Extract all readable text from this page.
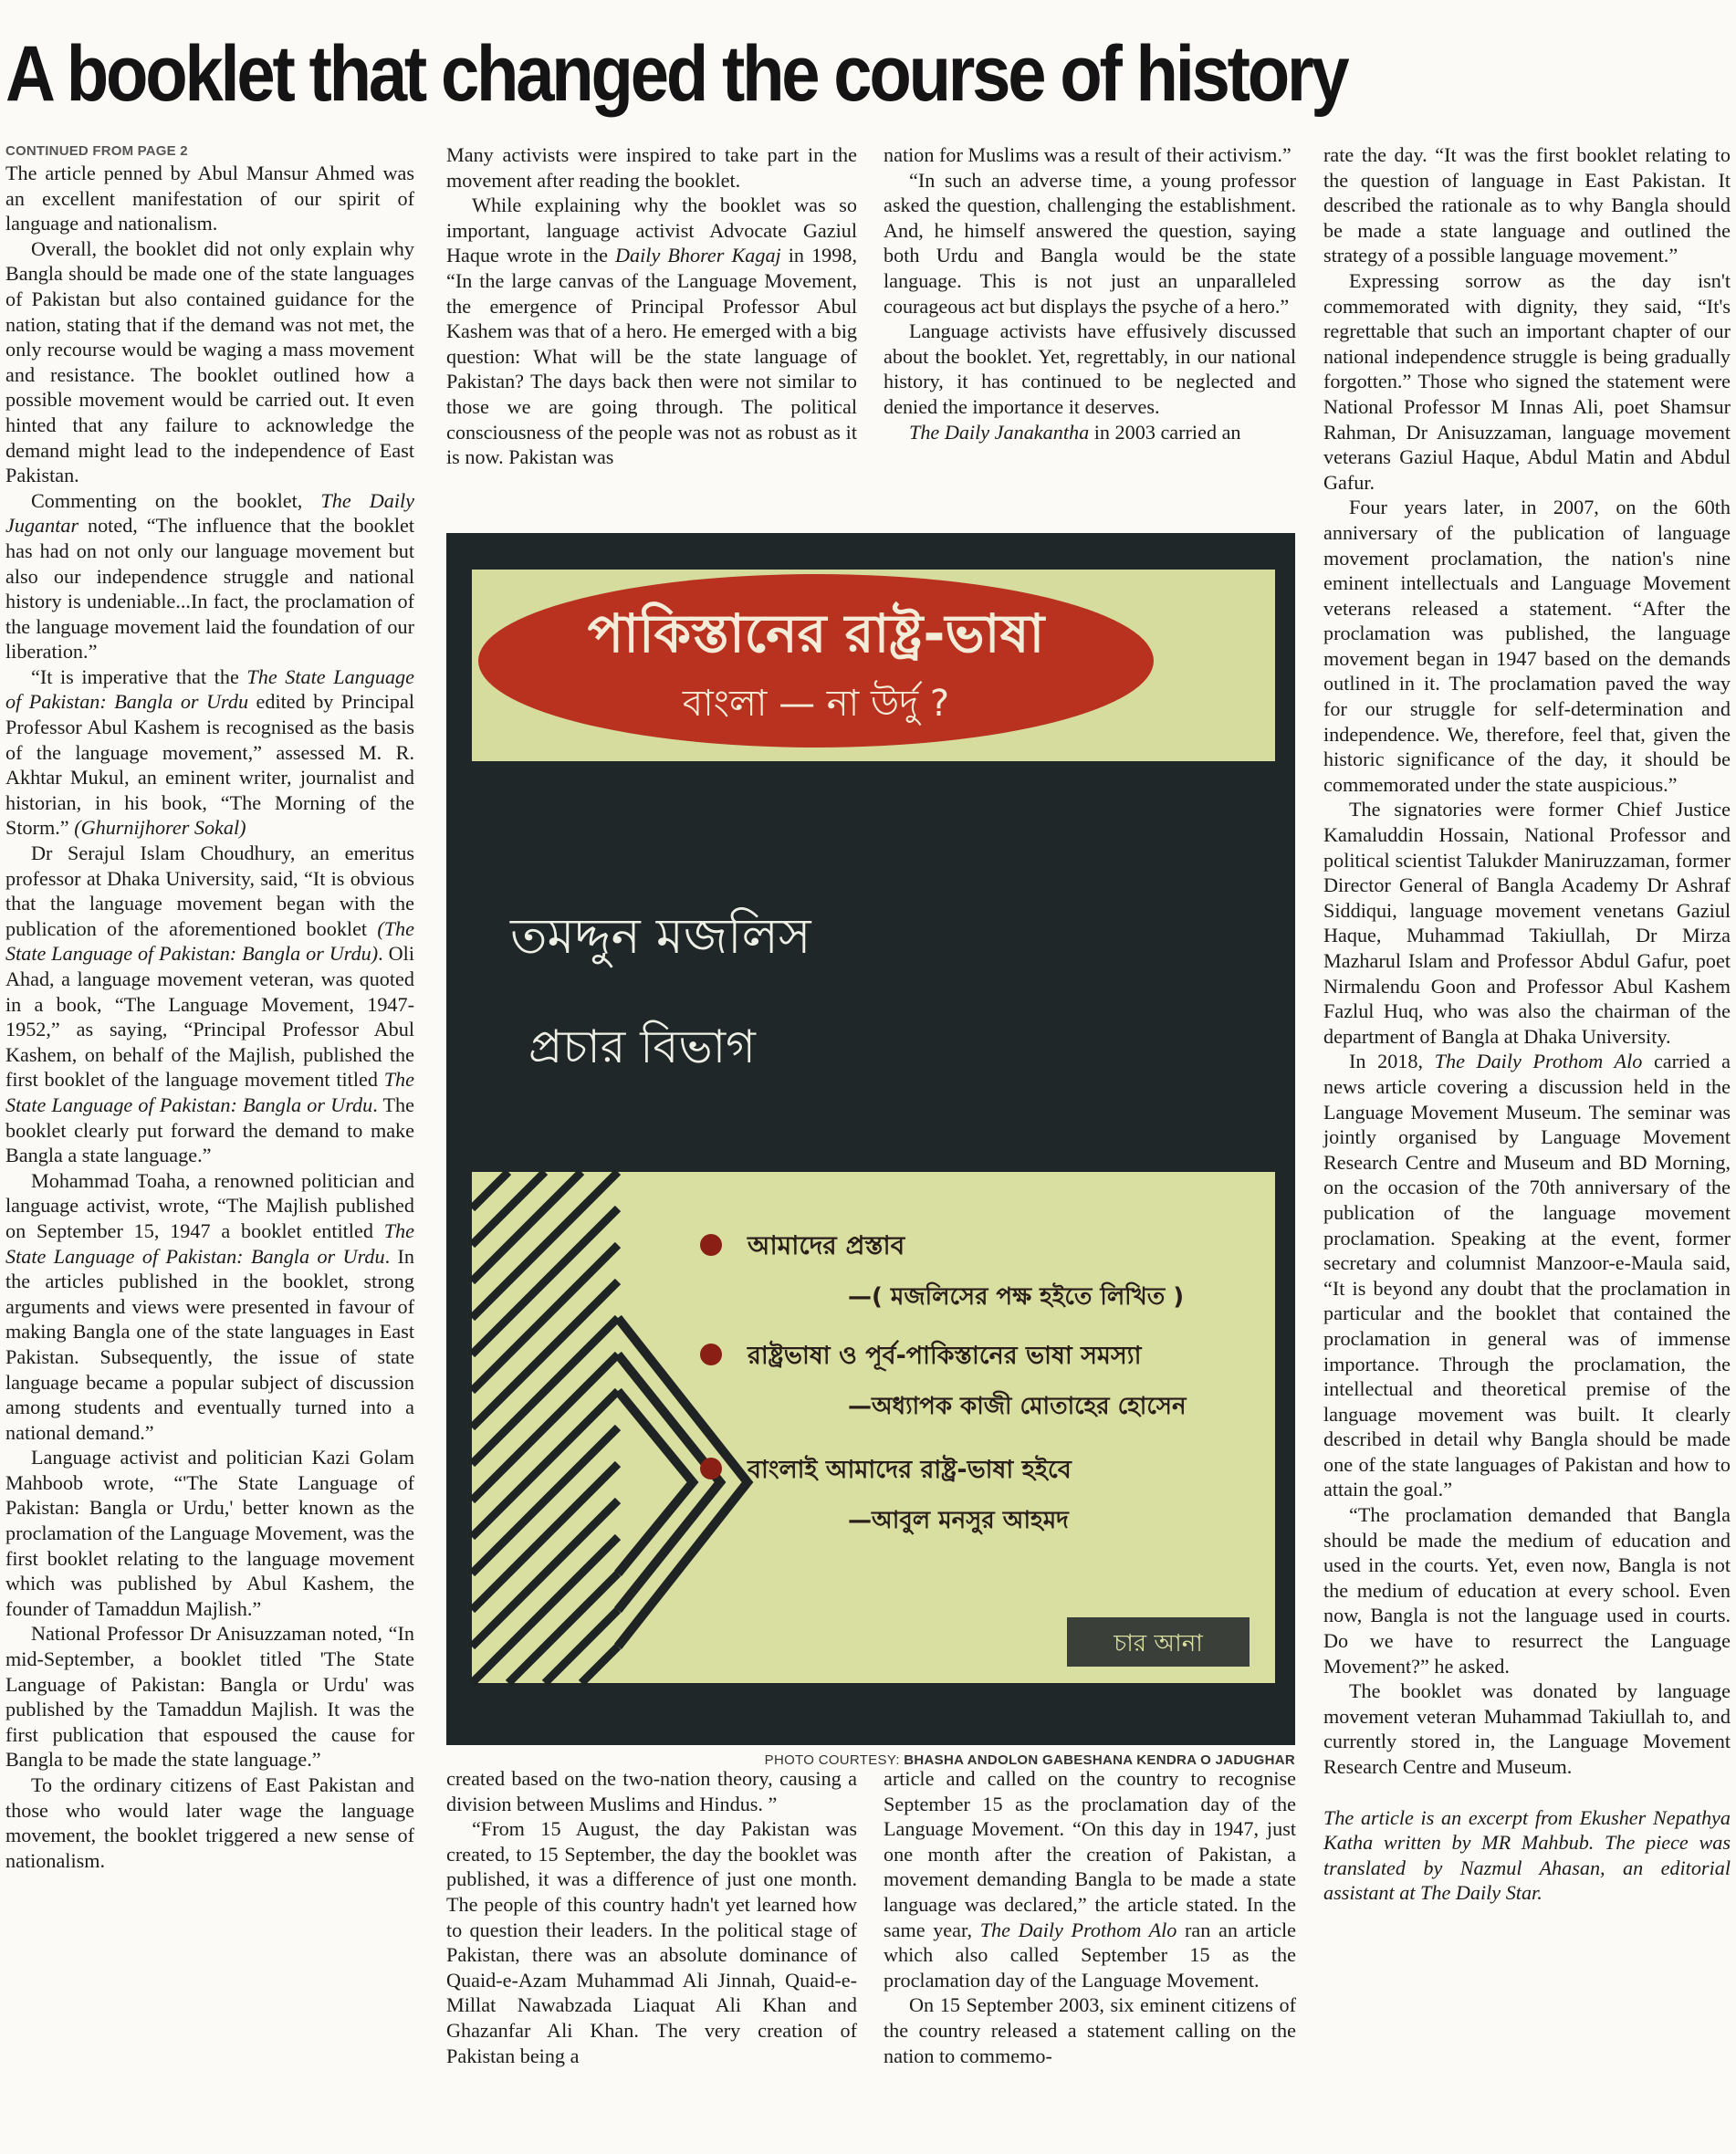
A booklet that changed the course of history
CONTINUED FROM PAGE 2

The article penned by Abul Mansur Ahmed was an excellent manifestation of our spirit of language and nationalism.

Overall, the booklet did not only explain why Bangla should be made one of the state languages of Pakistan but also contained guidance for the nation, stating that if the demand was not met, the only recourse would be waging a mass movement and resistance. The booklet outlined how a possible movement would be carried out. It even hinted that any failure to acknowledge the demand might lead to the independence of East Pakistan.

Commenting on the booklet, The Daily Jugantar noted, “The influence that the booklet has had on not only our language movement but also our independence struggle and national history is undeniable...In fact, the proclamation of the language movement laid the foundation of our liberation.”

“It is imperative that the The State Language of Pakistan: Bangla or Urdu edited by Principal Professor Abul Kashem is recognised as the basis of the language movement,” assessed M. R. Akhtar Mukul, an eminent writer, journalist and historian, in his book, “The Morning of the Storm.” (Ghurnijhorer Sokal)

Dr Serajul Islam Choudhury, an emeritus professor at Dhaka University, said, “It is obvious that the language movement began with the publication of the aforementioned booklet (The State Language of Pakistan: Bangla or Urdu). Oli Ahad, a language movement veteran, was quoted in a book, “The Language Movement, 1947-1952,” as saying, “Principal Professor Abul Kashem, on behalf of the Majlish, published the first booklet of the language movement titled The State Language of Pakistan: Bangla or Urdu. The booklet clearly put forward the demand to make Bangla a state language.”

Mohammad Toaha, a renowned politician and language activist, wrote, “The Majlish published on September 15, 1947 a booklet entitled The State Language of Pakistan: Bangla or Urdu. In the articles published in the booklet, strong arguments and views were presented in favour of making Bangla one of the state languages in East Pakistan. Subsequently, the issue of state language became a popular subject of discussion among students and eventually turned into a national demand.”

Language activist and politician Kazi Golam Mahboob wrote, “'The State Language of Pakistan: Bangla or Urdu,' better known as the proclamation of the Language Movement, was the first booklet relating to the language movement which was published by Abul Kashem, the founder of Tamaddun Majlish.”

National Professor Dr Anisuzzaman noted, “In mid-September, a booklet titled 'The State Language of Pakistan: Bangla or Urdu' was published by the Tamaddun Majlish. It was the first publication that espoused the cause for Bangla to be made the state language.”

To the ordinary citizens of East Pakistan and those who would later wage the language movement, the booklet triggered a new sense of nationalism.

Many activists were inspired to take part in the movement after reading the booklet.

While explaining why the booklet was so important, language activist Advocate Gaziul Haque wrote in the Daily Bhorer Kagaj in 1998, “In the large canvas of the Language Movement, the emergence of Principal Professor Abul Kashem was that of a hero. He emerged with a big question: What will be the state language of Pakistan? The days back then were not similar to those we are going through. The political consciousness of the people was not as robust as it is now. Pakistan was

nation for Muslims was a result of their activism.”

“In such an adverse time, a young professor asked the question, challenging the establishment. And, he himself answered the question, saying both Urdu and Bangla would be the state language. This is not just an unparalleled courageous act but displays the psyche of a hero.”

Language activists have effusively discussed about the booklet. Yet, regrettably, in our national history, it has continued to be neglected and denied the importance it deserves.

The Daily Janakantha in 2003 carried an

পাকিস্তানের রাষ্ট্র-ভাষা
বাংলা — না উর্দু ?
তমদ্দুন মজলিস
প্রচার বিভাগ
আমাদের প্রস্তাব
—( মজলিসের পক্ষ হইতে লিখিত )
রাষ্ট্রভাষা ও পূর্ব-পাকিস্তানের ভাষা সমস্যা
—অধ্যাপক কাজী মোতাহের হোসেন
বাংলাই আমাদের রাষ্ট্র-ভাষা হইবে
—আবুল মনসুর আহমদ
চার আনা
PHOTO COURTESY: BHASHA ANDOLON GABESHANA KENDRA O JADUGHAR

created based on the two-nation theory, causing a division between Muslims and Hindus. ”

“From 15 August, the day Pakistan was created, to 15 September, the day the booklet was published, it was a difference of just one month. The people of this country hadn't yet learned how to question their leaders. In the political stage of Pakistan, there was an absolute dominance of Quaid-e-Azam Muhammad Ali Jinnah, Quaid-e-Millat Nawabzada Liaquat Ali Khan and Ghazanfar Ali Khan. The very creation of Pakistan being a

article and called on the country to recognise September 15 as the proclamation day of the Language Movement. “On this day in 1947, just one month after the creation of Pakistan, a movement demanding Bangla to be made a state language was declared,” the article stated. In the same year, The Daily Prothom Alo ran an article which also called September 15 as the proclamation day of the Language Movement.

On 15 September 2003, six eminent citizens of the country released a statement calling on the nation to commemo-

rate the day. “It was the first booklet relating to the question of language in East Pakistan. It described the rationale as to why Bangla should be made a state language and outlined the strategy of a possible language movement.”

Expressing sorrow as the day isn't commemorated with dignity, they said, “It's regrettable that such an important chapter of our national independence struggle is being gradually forgotten.” Those who signed the statement were National Professor M Innas Ali, poet Shamsur Rahman, Dr Anisuzzaman, language movement veterans Gaziul Haque, Abdul Matin and Abdul Gafur.

Four years later, in 2007, on the 60th anniversary of the publication of language movement proclamation, the nation's nine eminent intellectuals and Language Movement veterans released a statement. “After the proclamation was published, the language movement began in 1947 based on the demands outlined in it. The proclamation paved the way for our struggle for self-determination and independence. We, therefore, feel that, given the historic significance of the day, it should be commemorated under the state auspicious.”

The signatories were former Chief Justice Kamaluddin Hossain, National Professor and political scientist Talukder Maniruzzaman, former Director General of Bangla Academy Dr Ashraf Siddiqui, language movement venetans Gaziul Haque, Muhammad Takiullah, Dr Mirza Mazharul Islam and Professor Abdul Gafur, poet Nirmalendu Goon and Professor Abul Kashem Fazlul Huq, who was also the chairman of the department of Bangla at Dhaka University.

In 2018, The Daily Prothom Alo carried a news article covering a discussion held in the Language Movement Museum. The seminar was jointly organised by Language Movement Research Centre and Museum and BD Morning, on the occasion of the 70th anniversary of the publication of the language movement proclamation. Speaking at the event, former secretary and columnist Manzoor-e-Maula said, “It is beyond any doubt that the proclamation in particular and the booklet that contained the proclamation in general was of immense importance. Through the proclamation, the intellectual and theoretical premise of the language movement was built. It clearly described in detail why Bangla should be made one of the state languages of Pakistan and how to attain the goal.”

“The proclamation demanded that Bangla should be made the medium of education and used in the courts. Yet, even now, Bangla is not the medium of education at every school. Even now, Bangla is not the language used in courts. Do we have to resurrect the Language Movement?” he asked.

The booklet was donated by language movement veteran Muhammad Takiullah to, and currently stored in, the Language Movement Research Centre and Museum.

The article is an excerpt from Ekusher Nepathya Katha written by MR Mahbub. The piece was translated by Nazmul Ahasan, an editorial assistant at The Daily Star.
